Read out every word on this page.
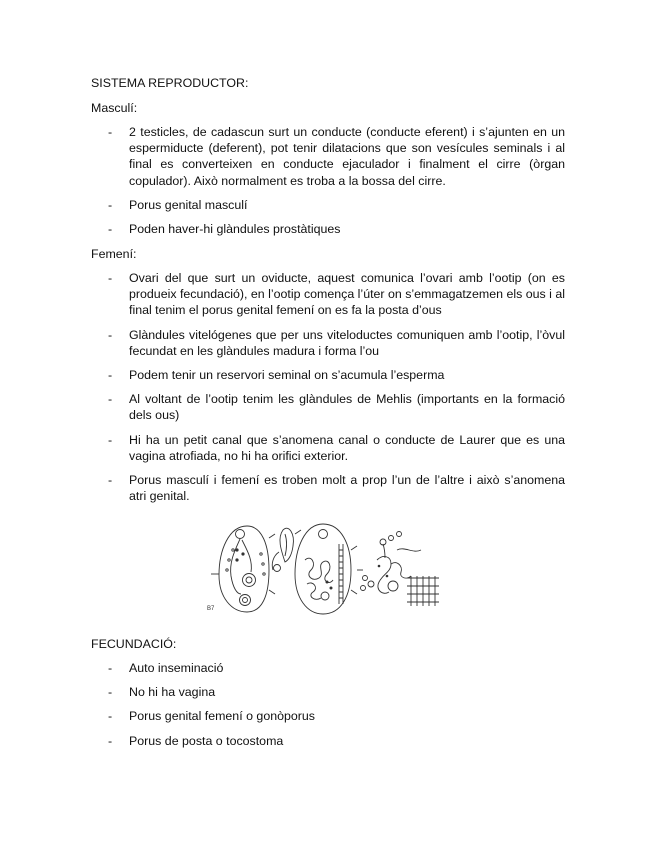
SISTEMA REPRODUCTOR:
Masculí:
- 2 testicles, de cadascun surt un conducte (conducte eferent) i s’ajunten en un espermiducte (deferent), pot tenir dilatacions que son vesícules seminals i al final es converteixen en conducte ejaculador i finalment el cirre (òrgan copulador). Això normalment es troba a la bossa del cirre.
- Porus genital masculí
- Poden haver-hi glàndules prostàtiques
Femení:
- Ovari del que surt un oviducte, aquest comunica l’ovari amb l’ootip (on es produeix fecundació), en l’ootip comença l’úter on s’emmagatzemen els ous i al final tenim el porus genital femení on es fa la posta d’ous
- Glàndules vitelógenes que per uns viteloductes comuniquen amb l’ootip, l’òvul fecundat en les glàndules madura i forma l’ou
- Podem tenir un reservori seminal on s’acumula l’esperma
- Al voltant de l’ootip tenim les glàndules de Mehlis (importants en la formació dels ous)
- Hi ha un petit canal que s’anomena canal o conducte de Laurer que es una vagina atrofiada, no hi ha orifici exterior.
- Porus masculí i femení es troben molt a prop l’un de l’altre i això s’anomena atri genital.
B7
FECUNDACIÓ:
- Auto inseminació
- No hi ha vagina
- Porus genital femení o gonòporus
- Porus de posta o tocostoma
